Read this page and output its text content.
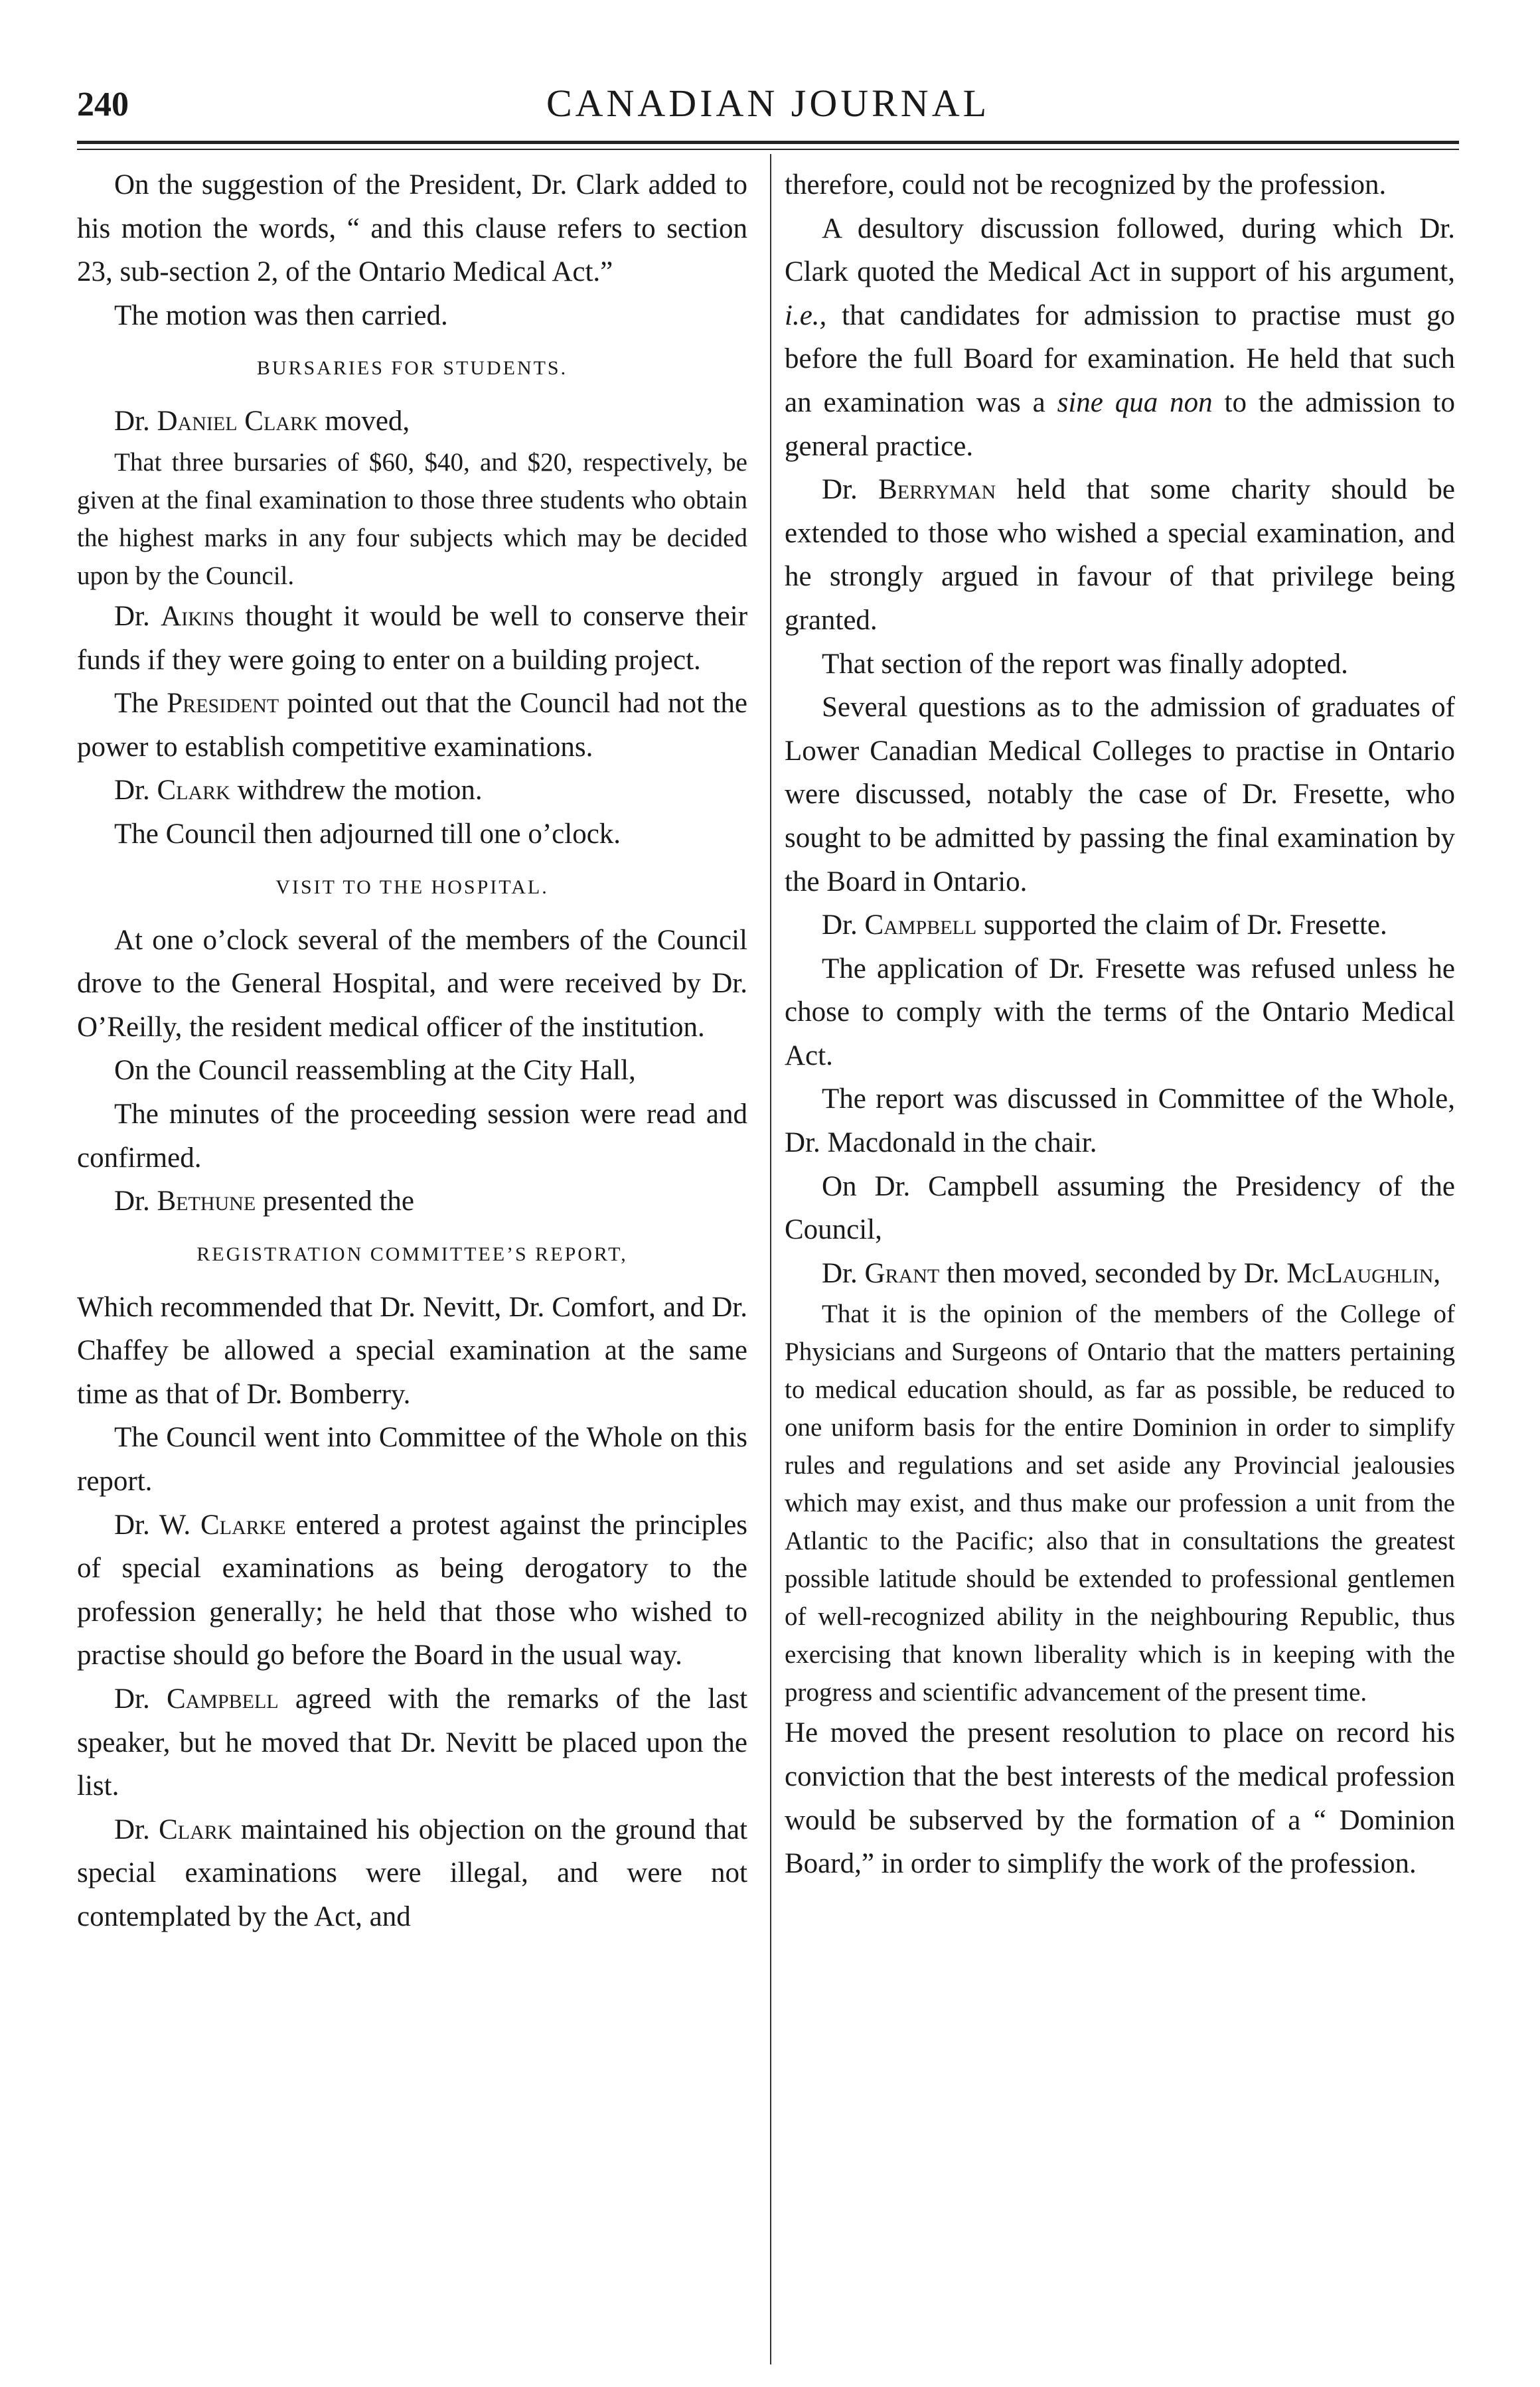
240	CANADIAN JOURNAL

On the suggestion of the President, Dr. Clark added to his motion the words, “ and this clause refers to section 23, sub-section 2, of the Ontario Medical Act.”

The motion was then carried.

BURSARIES FOR STUDENTS.

Dr. Daniel Clark moved,

That three bursaries of $60, $40, and $20, respectively, be given at the final examination to those three students who obtain the highest marks in any four subjects which may be decided upon by the Council.

Dr. Aikins thought it would be well to conserve their funds if they were going to enter on a building project.

The President pointed out that the Council had not the power to establish competitive examinations.

Dr. Clark withdrew the motion.

The Council then adjourned till one o’clock.

VISIT TO THE HOSPITAL.

At one o’clock several of the members of the Council drove to the General Hospital, and were received by Dr. O’Reilly, the resident medical officer of the institution.

On the Council reassembling at the City Hall,

The minutes of the proceeding session were read and confirmed.

Dr. Bethune presented the

REGISTRATION COMMITTEE’S REPORT,

Which recommended that Dr. Nevitt, Dr. Comfort, and Dr. Chaffey be allowed a special examination at the same time as that of Dr. Bomberry.

The Council went into Committee of the Whole on this report.

Dr. W. Clarke entered a protest against the principles of special examinations as being derogatory to the profession generally; he held that those who wished to practise should go before the Board in the usual way.

Dr. Campbell agreed with the remarks of the last speaker, but he moved that Dr. Nevitt be placed upon the list.

Dr. Clark maintained his objection on the ground that special examinations were illegal, and were not contemplated by the Act, and

therefore, could not be recognized by the profession.

A desultory discussion followed, during which Dr. Clark quoted the Medical Act in support of his argument, i.e., that candidates for admission to practise must go before the full Board for examination. He held that such an examination was a sine qua non to the admission to general practice.

Dr. Berryman held that some charity should be extended to those who wished a special examination, and he strongly argued in favour of that privilege being granted.

That section of the report was finally adopted.

Several questions as to the admission of graduates of Lower Canadian Medical Colleges to practise in Ontario were discussed, notably the case of Dr. Fresette, who sought to be admitted by passing the final examination by the Board in Ontario.

Dr. Campbell supported the claim of Dr. Fresette.

The application of Dr. Fresette was refused unless he chose to comply with the terms of the Ontario Medical Act.

The report was discussed in Committee of the Whole, Dr. Macdonald in the chair.

On Dr. Campbell assuming the Presidency of the Council,

Dr. Grant then moved, seconded by Dr. McLaughlin,

That it is the opinion of the members of the College of Physicians and Surgeons of Ontario that the matters pertaining to medical education should, as far as possible, be reduced to one uniform basis for the entire Dominion in order to simplify rules and regulations and set aside any Provincial jealousies which may exist, and thus make our profession a unit from the Atlantic to the Pacific; also that in consultations the greatest possible latitude should be extended to professional gentlemen of well-recognized ability in the neighbouring Republic, thus exercising that known liberality which is in keeping with the progress and scientific advancement of the present time.

He moved the present resolution to place on record his conviction that the best interests of the medical profession would be subserved by the formation of a “ Dominion Board,” in order to simplify the work of the profession.
